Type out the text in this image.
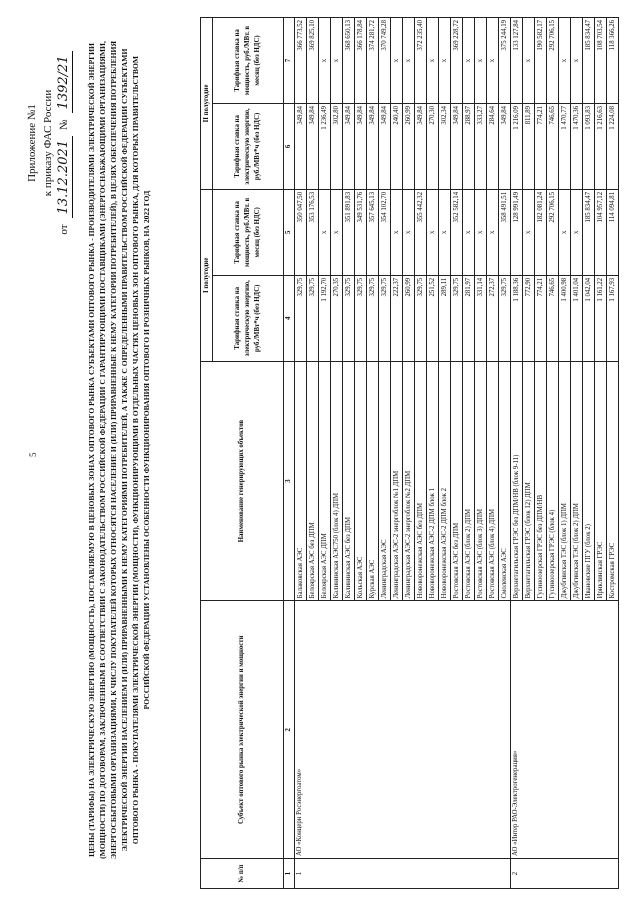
5
Приложение №1 к приказу ФАС России
от
13.12.2021
№
1392/21 ЦЕНЫ (ТАРИФЫ) НА ЭЛЕКТРИЧЕСКУЮ ЭНЕРГИЮ (МОЩНОСТЬ), ПОСТАВЛЯЕМУЮ В ЦЕНОВЫХ ЗОНАХ ОПТОВОГО РЫНКА СУБЪЕКТАМИ ОПТОВОГО РЫНКА - ПРОИЗВОДИТЕЛЯМИ ЭЛЕКТРИЧЕСКОЙ ЭНЕРГИИ (МОЩНОСТИ) ПО ДОГОВОРАМ, ЗАКЛЮЧЕННЫМ В СООТВЕТСТВИИ С ЗАКОНОДАТЕЛЬСТВОМ РОССИЙСКОЙ ФЕДЕРАЦИИ С ГАРАНТИРУЮЩИМИ ПОСТАВЩИКАМИ (ЭНЕРГОСНАБЖАЮЩИМИ ОРГАНИЗАЦИЯМИ, ЭНЕРГОСБЫТОВЫМИ ОРГАНИЗАЦИЯМИ, К ЧИСЛУ ПОКУПАТЕЛЕЙ КОТОРЫХ ОТНОСЯТСЯ НАСЕЛЕНИЕ И (ИЛИ) ПРИРАВНЕННЫЕ К НЕМУ КАТЕГОРИИ ПОТРЕБИТЕЛЕЙ), В ЦЕЛЯХ ОБЕСПЕЧЕНИЯ ПОТРЕБЛЕНИЯ ЭЛЕКТРИЧЕСКОЙ ЭНЕРГИИ НАСЕЛЕНИЕМ И (ИЛИ) ПРИРАВНЕННЫМИ К НЕМУ КАТЕГОРИЯМИ ПОТРЕБИТЕЛЕЙ, А ТАКЖЕ С ОПРЕДЕЛЕННЫМИ ПРАВИТЕЛЬСТВОМ РОССИЙСКОЙ ФЕДЕРАЦИИ СУБЪЕКТАМИ ОПТОВОГО РЫНКА - ПОКУПАТЕЛЯМИ ЭЛЕКТРИЧЕСКОЙ ЭНЕРГИИ (МОЩНОСТИ), ФУНКЦИОНИРУЮЩИМИ В ОТДЕЛЬНЫХ ЧАСТЯХ ЦЕНОВЫХ ЗОН ОПТОВОГО РЫНКА, ДЛЯ КОТОРЫХ ПРАВИТЕЛЬСТВОМ РОССИЙСКОЙ ФЕДЕРАЦИИ УСТАНОВЛЕНЫ ОСОБЕННОСТИ ФУНКЦИОНИРОВАНИЯ ОПТОВОГО И РОЗНИЧНЫХ РЫНКОВ, НА 2022 ГОД
№ п/п	Субъект оптового рынка электрической энергии и мощности	Наименование генерирующих объектов	I полугодие		II полугодие	
			Тарифная ставка на электрическую энергию, руб./МВт*ч (без НДС)	Тарифная ставка на мощность, руб./МВт. в месяц (без НДС)	Тарифная ставка на электрическую энергию, руб./МВт*ч (без НДС)	Тарифная ставка на мощность, руб./МВт. в месяц (без НДС)
1	2	3	4	5	6	7
1	АО «Концерн Росэнергоатом»	Балаковская АЭС	329,75	350 047,50	349,84	366 773,52
		Белоярская АЭС без ДПМ	329,75	353 176,53	349,84	369 825,10
		Белоярская АЭС ДПМ	1 192,70	x	1 236,49	x
		Калининская АЭС750 (блок 4) ДПМ	270,35	x	302,80	x
		Калининская АЭС без ДПМ	329,75	351 891,83	349,84	368 650,13
		Кольская АЭС	329,75	349 531,76	349,84	366 178,84
		Курская АЭС	329,75	357 645,13	349,84	374 281,72
		Ленинградская АЭС	329,75	354 102,70	349,84	370 749,28
		Ленинградская АЭС-2 энергоблок №1 ДПМ	222,37	x	240,40	x
		Ленинградская АЭС-2 энергоблок №2 ДПМ	260,99	x	260,99	x
		Нововоронежская АЭС без ДПМ	329,75	355 442,32	349,84	372 235,40
		Нововоронежская АЭС-2 ДПМ блок 1	251,52	x	270,30	x
		Нововоронежская АЭС-2 ДПМ блок 2	289,11	x	302,34	x
		Ростовская АЭС без ДПМ	329,75	352 582,14	349,84	369 228,72
		Ростовская АЭС (блок 2) ДПМ	281,97	x	288,97	x
		Ростовская АЭС (блок 3) ДПМ	331,14	x	333,27	x
		Ростовская АЭС (блок 4) ДПМ	272,37	x	284,64	x
		Смоленская АЭС	329,75	358 491,51	349,84	375 244,19
2	АО «Интер РАО-Электрогенерация»	Верхнетагильская ГРЭС без ДПМ/НВ (блок 9-11)	1 188,36	128 991,49	1 216,09	133 127,84
		Верхнетагильская ГРЭС (блок 12) ДПМ	772,90	x	811,89	x
		Гусиноозерская ГРЭС без ДПМ/НВ	774,21	182 081,24	774,21	190 582,17
		Гусиноозерская ГРЭС (блок 4)	746,65	292 706,15	746,65	292 706,15
		Джубгинская ТЭС (блок 1) ДПМ	1 400,98	x	1 470,77	x
		Джубгинская ТЭС (блок 2) ДПМ	1 401,04	x	1 470,36	x
		Ивановские ПГУ (блок 2)	1 042,04	185 834,47	1 093,83	185 834,47
		Ириклинская ГРЭС	1 161,22	104 957,12	1 216,63	108 703,54
		Костромская ГРЭС	1 167,93	114 094,81	1 224,08	118 366,26
